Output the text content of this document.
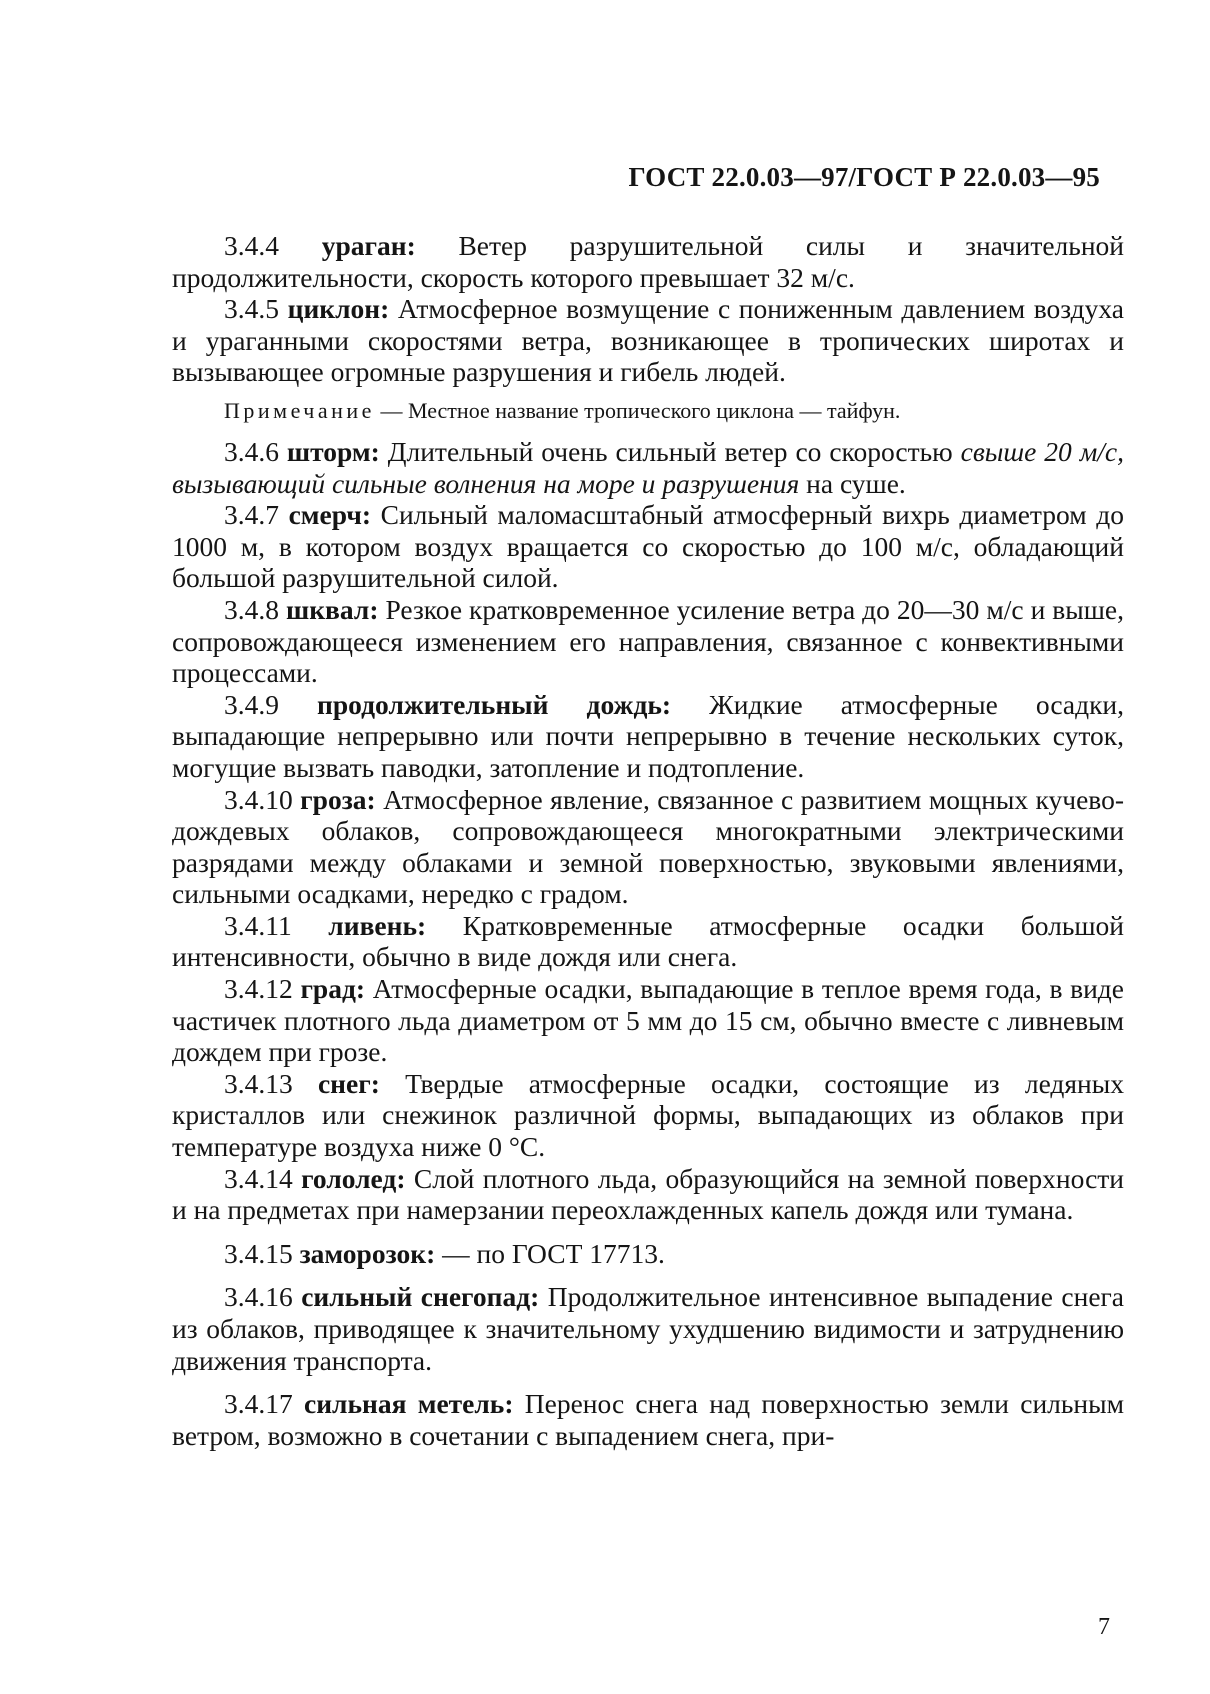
ГОСТ 22.0.03—97/ГОСТ Р 22.0.03—95

3.4.4 ураган: Ветер разрушительной силы и значительной продолжительности, скорость которого превышает 32 м/с.

3.4.5 циклон: Атмосферное возмущение с пониженным давлением воздуха и ураганными скоростями ветра, возникающее в тропических широтах и вызывающее огромные разрушения и гибель людей.

Примечание — Местное название тропического циклона — тайфун.

3.4.6 шторм: Длительный очень сильный ветер со скоростью свыше 20 м/с, вызывающий сильные волнения на море и разрушения на суше.

3.4.7 смерч: Сильный маломасштабный атмосферный вихрь диаметром до 1000 м, в котором воздух вращается со скоростью до 100 м/с, обладающий большой разрушительной силой.

3.4.8 шквал: Резкое кратковременное усиление ветра до 20—30 м/с и выше, сопровождающееся изменением его направления, связанное с конвективными процессами.

3.4.9 продолжительный дождь: Жидкие атмосферные осадки, выпадающие непрерывно или почти непрерывно в течение нескольких суток, могущие вызвать паводки, затопление и подтопление.

3.4.10 гроза: Атмосферное явление, связанное с развитием мощных кучево-дождевых облаков, сопровождающееся многократными электрическими разрядами между облаками и земной поверхностью, звуковыми явлениями, сильными осадками, нередко с градом.

3.4.11 ливень: Кратковременные атмосферные осадки большой интенсивности, обычно в виде дождя или снега.

3.4.12 град: Атмосферные осадки, выпадающие в теплое время года, в виде частичек плотного льда диаметром от 5 мм до 15 см, обычно вместе с ливневым дождем при грозе.

3.4.13 снег: Твердые атмосферные осадки, состоящие из ледяных кристаллов или снежинок различной формы, выпадающих из облаков при температуре воздуха ниже 0 °С.

3.4.14 гололед: Слой плотного льда, образующийся на земной поверхности и на предметах при намерзании переохлажденных капель дождя или тумана.

3.4.15 заморозок: — по ГОСТ 17713.

3.4.16 сильный снегопад: Продолжительное интенсивное выпадение снега из облаков, приводящее к значительному ухудшению видимости и затруднению движения транспорта.

3.4.17 сильная метель: Перенос снега над поверхностью земли сильным ветром, возможно в сочетании с выпадением снега, при-

7
